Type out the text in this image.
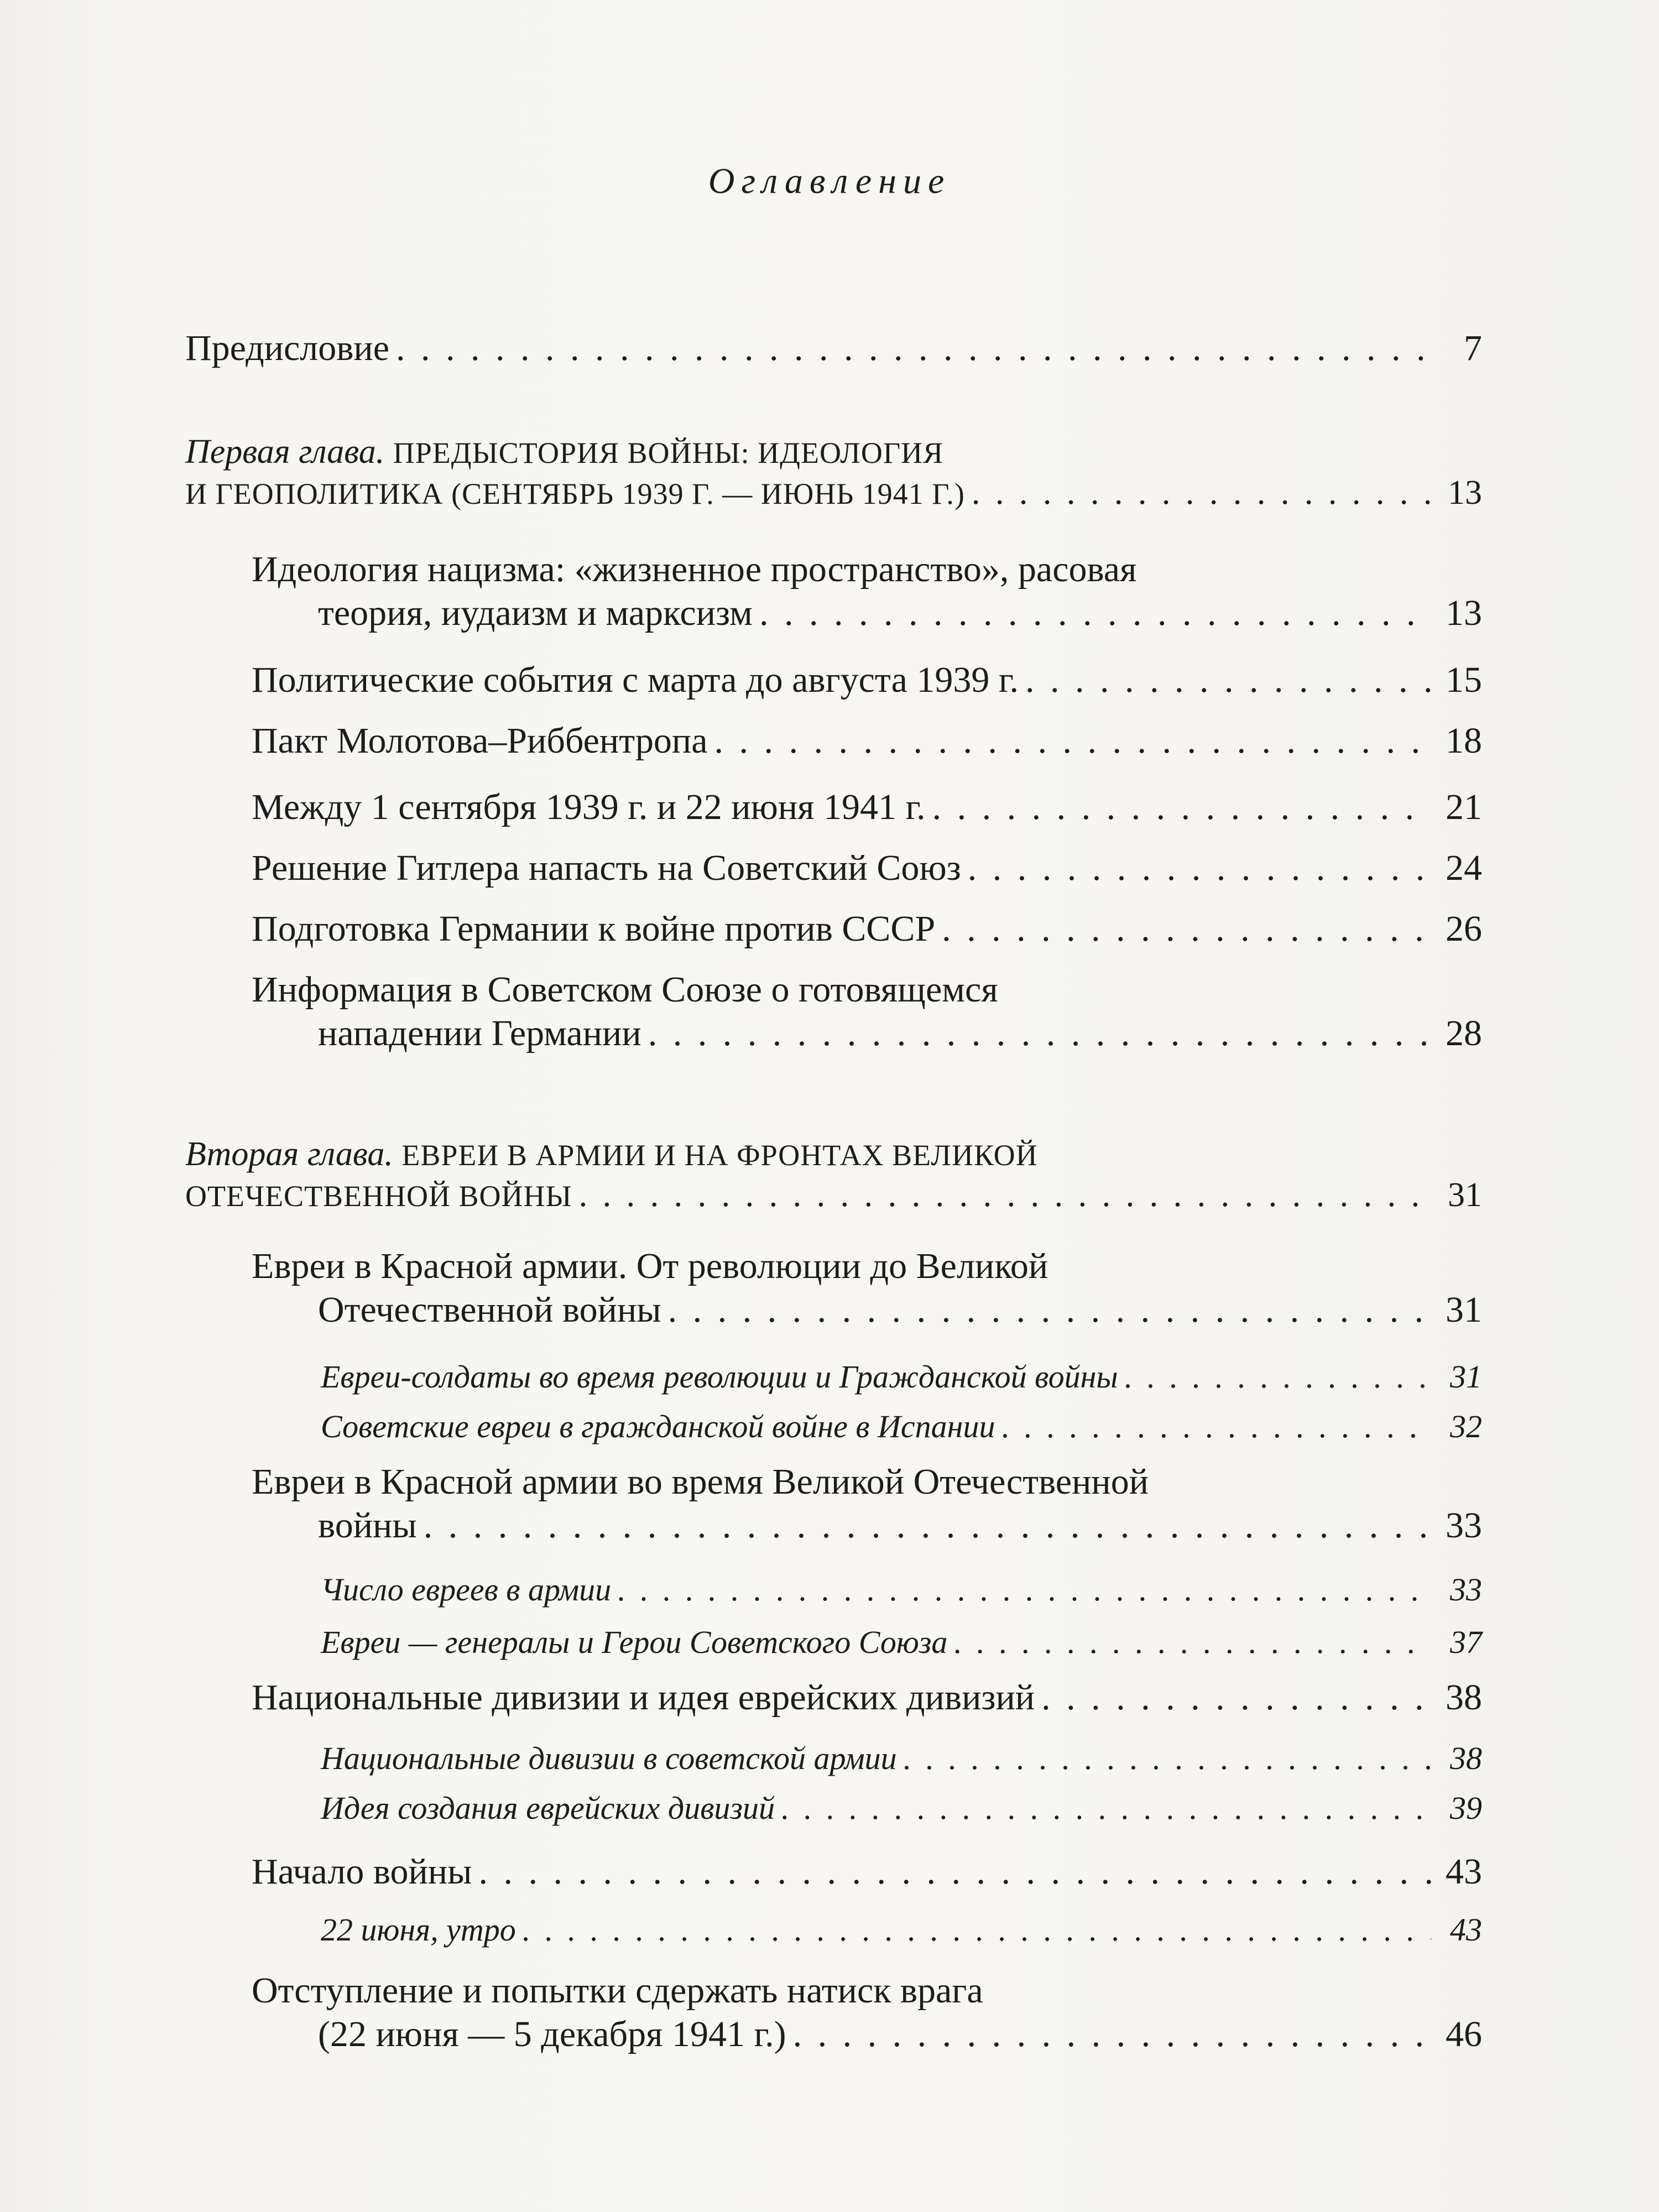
Оглавление
Предисловие . . .	7
Первая глава.
ПРЕДЫСТОРИЯ ВОЙНЫ: ИДЕОЛОГИЯ
И ГЕОПОЛИТИКА (СЕНТЯБРЬ 1939 Г. — ИЮНЬ 1941 Г.) . . .	13
Идеология нацизма: «жизненное пространство», расовая
теория, иудаизм и марксизм . . .	13
Политические события с марта до августа 1939 г. . . .	15
Пакт Молотова–Риббентропа . . .	18
Между 1 сентября 1939 г. и 22 июня 1941 г. . . .	21
Решение Гитлера напасть на Советский Союз . . .	24
Подготовка Германии к войне против СССР . . .	26
Информация в Советском Союзе о готовящемся
нападении Германии . . .	28
Вторая глава.
ЕВРЕИ В АРМИИ И НА ФРОНТАХ ВЕЛИКОЙ
ОТЕЧЕСТВЕННОЙ ВОЙНЫ . . .	31
Евреи в Красной армии. От революции до Великой
Отечественной войны . . .	31
Евреи-солдаты во время революции и Гражданской войны . . .	31
Советские евреи в гражданской войне в Испании . . .	32
Евреи в Красной армии во время Великой Отечественной
войны . . .	33
Число евреев в армии . . .	33
Евреи — генералы и Герои Советского Союза . . .	37
Национальные дивизии и идея еврейских дивизий . . .	38
Национальные дивизии в советской армии . . .	38
Идея создания еврейских дивизий . . .	39
Начало войны . . .	43
22 июня, утро . . .	43
Отступление и попытки сдержать натиск врага
(22 июня — 5 декабря 1941 г.) . . .	46
